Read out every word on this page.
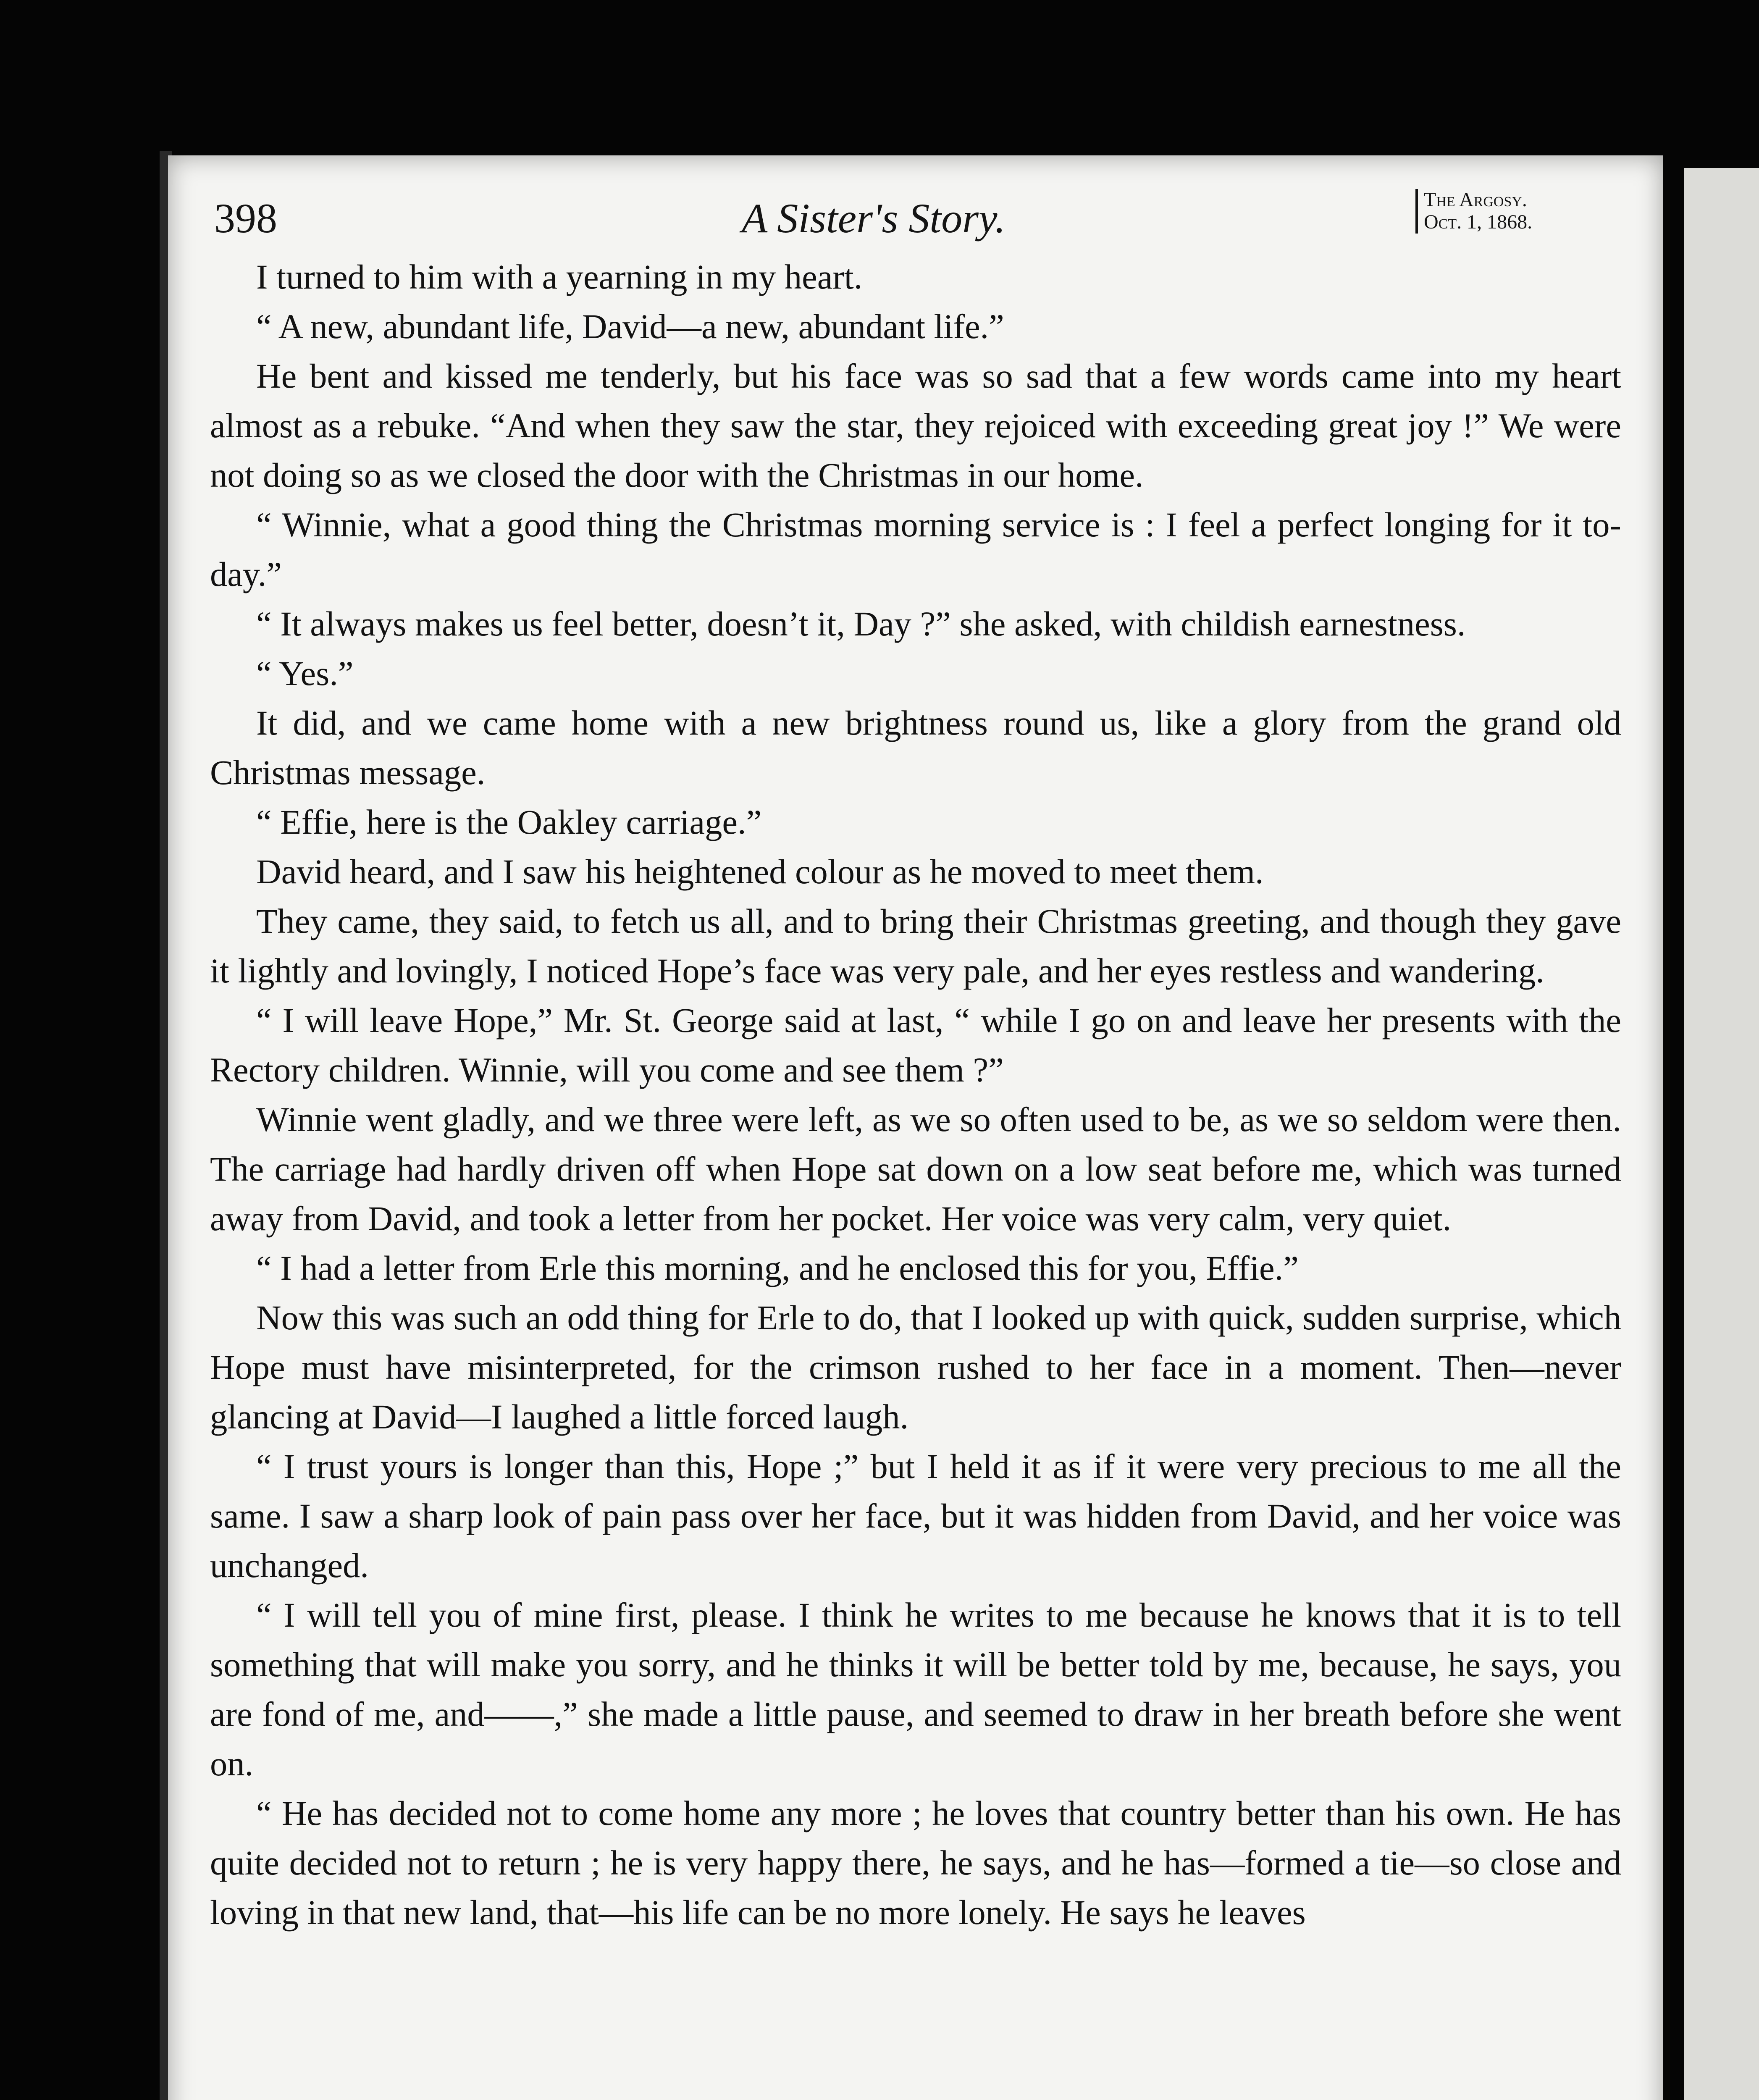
398	A Sister's Story.	The Argosy.
Oct. 1, 1868.

I turned to him with a yearning in my heart.

“ A new, abundant life, David—a new, abundant life.”

He bent and kissed me tenderly, but his face was so sad that a few words came into my heart almost as a rebuke. “And when they saw the star, they rejoiced with exceeding great joy !” We were not doing so as we closed the door with the Christmas in our home.

“ Winnie, what a good thing the Christmas morning service is : I feel a perfect longing for it to-day.”

“ It always makes us feel better, doesn’t it, Day ?” she asked, with childish earnestness.

“ Yes.”

It did, and we came home with a new brightness round us, like a glory from the grand old Christmas message.

“ Effie, here is the Oakley carriage.”

David heard, and I saw his heightened colour as he moved to meet them.

They came, they said, to fetch us all, and to bring their Christmas greeting, and though they gave it lightly and lovingly, I noticed Hope’s face was very pale, and her eyes restless and wandering.

“ I will leave Hope,” Mr. St. George said at last, “ while I go on and leave her presents with the Rectory children. Winnie, will you come and see them ?”

Winnie went gladly, and we three were left, as we so often used to be, as we so seldom were then. The carriage had hardly driven off when Hope sat down on a low seat before me, which was turned away from David, and took a letter from her pocket. Her voice was very calm, very quiet.

“ I had a letter from Erle this morning, and he enclosed this for you, Effie.”

Now this was such an odd thing for Erle to do, that I looked up with quick, sudden surprise, which Hope must have misinterpreted, for the crimson rushed to her face in a moment. Then—never glancing at David—I laughed a little forced laugh.

“ I trust yours is longer than this, Hope ;” but I held it as if it were very precious to me all the same. I saw a sharp look of pain pass over her face, but it was hidden from David, and her voice was unchanged.

“ I will tell you of mine first, please. I think he writes to me because he knows that it is to tell something that will make you sorry, and he thinks it will be better told by me, because, he says, you are fond of me, and——,” she made a little pause, and seemed to draw in her breath before she went on.

“ He has decided not to come home any more ; he loves that country better than his own. He has quite decided not to return ; he is very happy there, he says, and he has—formed a tie—so close and loving in that new land, that—his life can be no more lonely. He says he leaves
